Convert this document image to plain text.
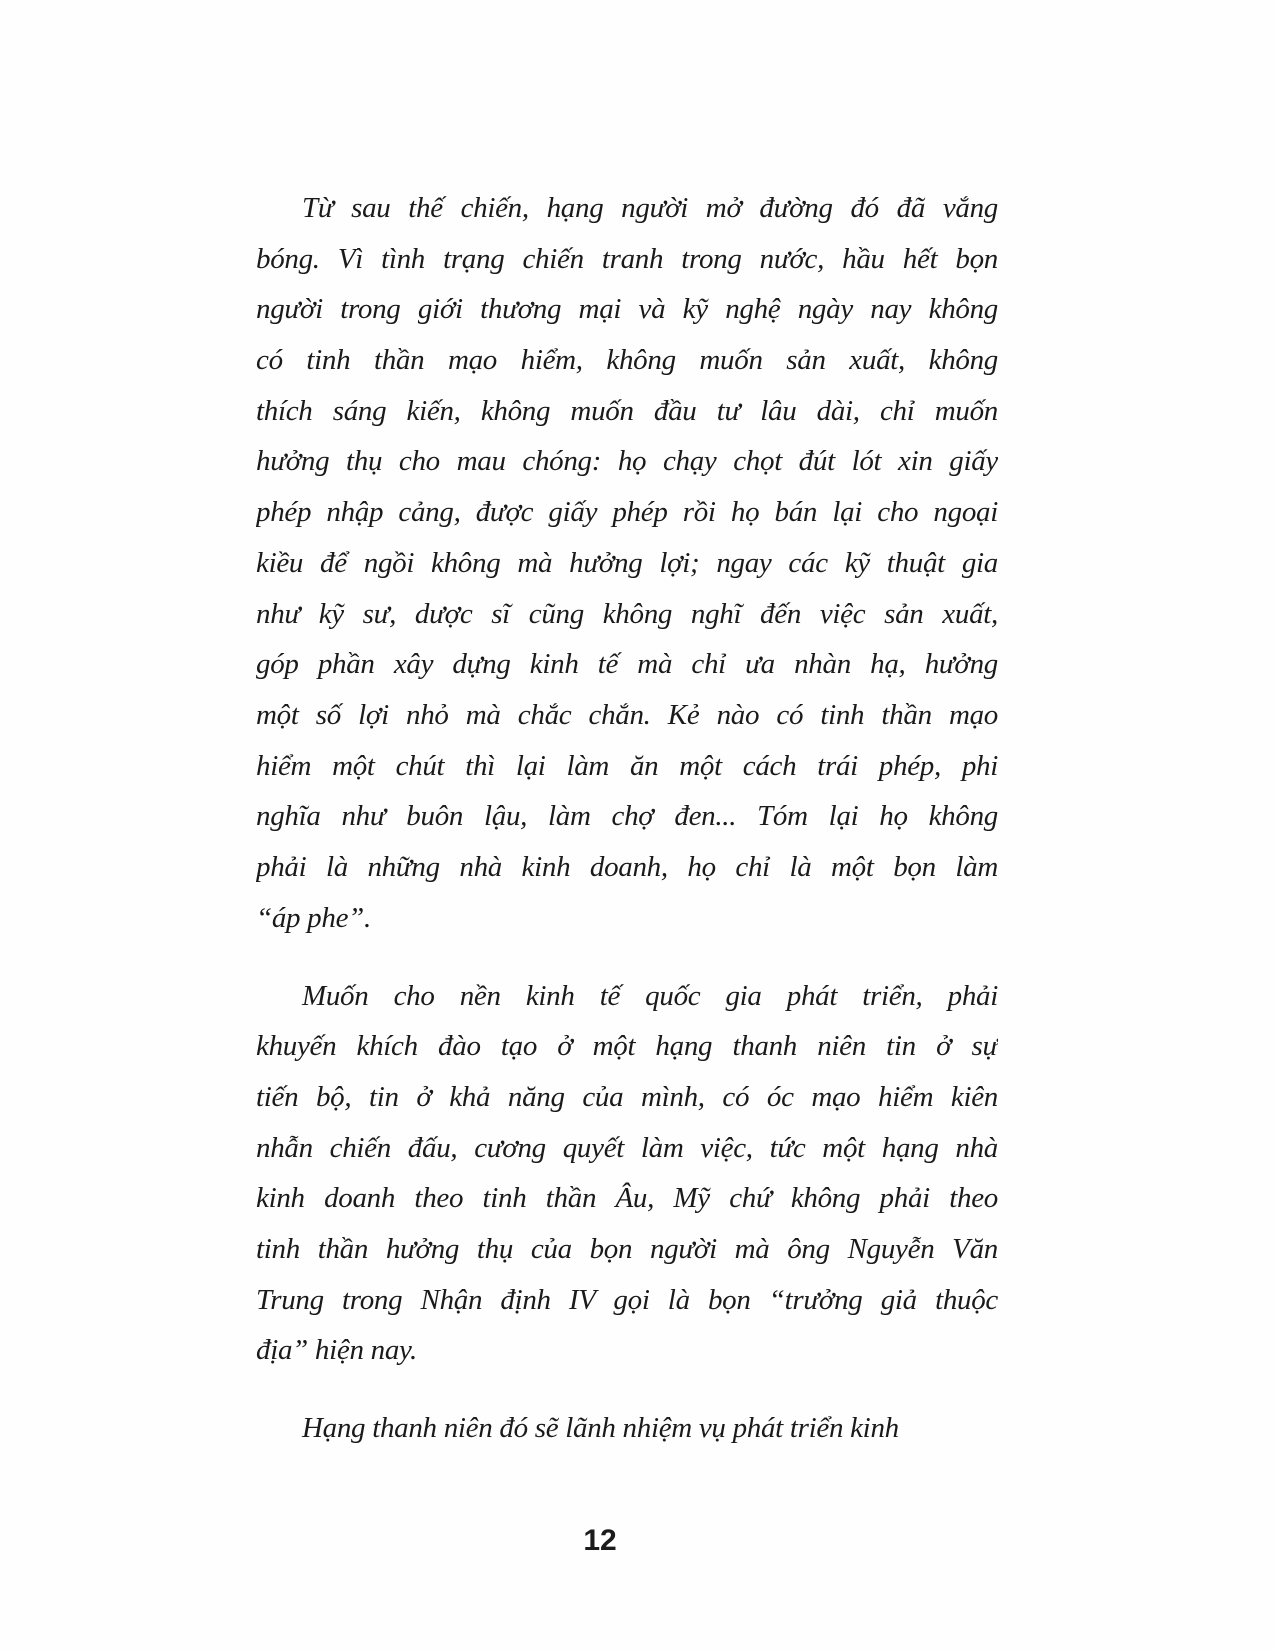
Từ sau thế chiến, hạng người mở đường đó đã vắng
bóng. Vì tình trạng chiến tranh trong nước, hầu hết bọn
người trong giới thương mại và kỹ nghệ ngày nay không
có tinh thần mạo hiểm, không muốn sản xuất, không
thích sáng kiến, không muốn đầu tư lâu dài, chỉ muốn
hưởng thụ cho mau chóng: họ chạy chọt đút lót xin giấy
phép nhập cảng, được giấy phép rồi họ bán lại cho ngoại
kiều để ngồi không mà hưởng lợi; ngay các kỹ thuật gia
như kỹ sư, dược sĩ cũng không nghĩ đến việc sản xuất,
góp phần xây dựng kinh tế mà chỉ ưa nhàn hạ, hưởng
một số lợi nhỏ mà chắc chắn. Kẻ nào có tinh thần mạo
hiểm một chút thì lại làm ăn một cách trái phép, phi
nghĩa như buôn lậu, làm chợ đen... Tóm lại họ không
phải là những nhà kinh doanh, họ chỉ là một bọn làm
“áp phe”.
Muốn cho nền kinh tế quốc gia phát triển, phải
khuyến khích đào tạo ở một hạng thanh niên tin ở sự
tiến bộ, tin ở khả năng của mình, có óc mạo hiểm kiên
nhẫn chiến đấu, cương quyết làm việc, tức một hạng nhà
kinh doanh theo tinh thần Âu, Mỹ chứ không phải theo
tinh thần hưởng thụ của bọn người mà ông Nguyễn Văn
Trung trong Nhận định IV gọi là bọn “trưởng giả thuộc
địa” hiện nay.
Hạng thanh niên đó sẽ lãnh nhiệm vụ phát triển kinh
12
